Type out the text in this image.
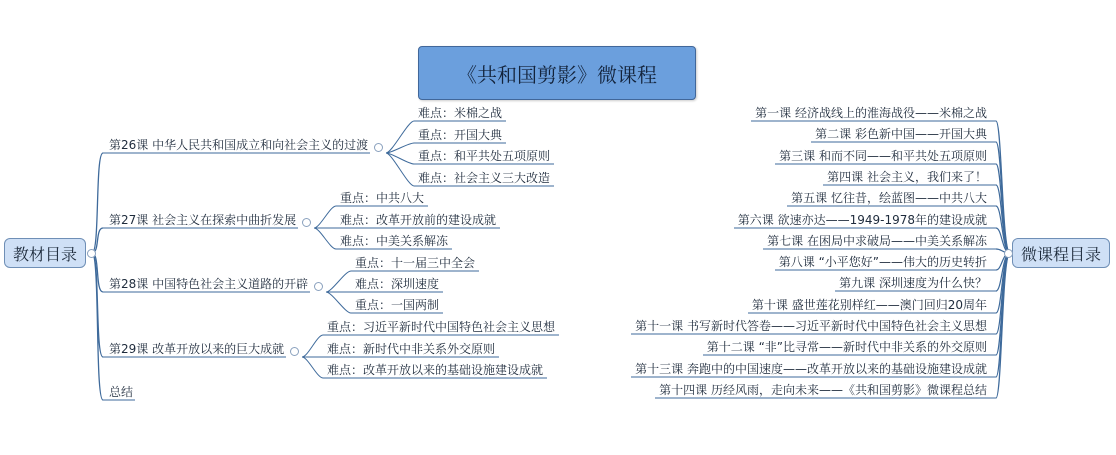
《共和国剪影》微课程
教材目录	微课程目录
第26课 中华人民共和国成立和向社会主义的过渡
难点：米棉之战
重点：开国大典
重点：和平共处五项原则
难点：社会主义三大改造
第27课 社会主义在探索中曲折发展
重点：中共八大
难点：改革开放前的建设成就
难点：中美关系解冻
第28课 中国特色社会主义道路的开辟
重点：十一届三中全会
难点：深圳速度
重点：一国两制
第29课 改革开放以来的巨大成就
重点：习近平新时代中国特色社会主义思想
难点：新时代中非关系外交原则
难点：改革开放以来的基础设施建设成就
总结
第一课 经济战线上的淮海战役——米棉之战
第二课 彩色新中国——开国大典
第三课 和而不同——和平共处五项原则
第四课 社会主义，我们来了！
第五课 忆往昔，绘蓝图——中共八大
第六课 欲速亦达——1949-1978年的建设成就
第七课 在困局中求破局——中美关系解冻
第八课 “小平您好”——伟大的历史转折
第九课 深圳速度为什么快？
第十课 盛世莲花别样红——澳门回归20周年
第十一课 书写新时代答卷——习近平新时代中国特色社会主义思想
第十二课 “非”比寻常——新时代中非关系的外交原则
第十三课 奔跑中的中国速度——改革开放以来的基础设施建设成就
第十四课 历经风雨，走向未来——《共和国剪影》微课程总结
